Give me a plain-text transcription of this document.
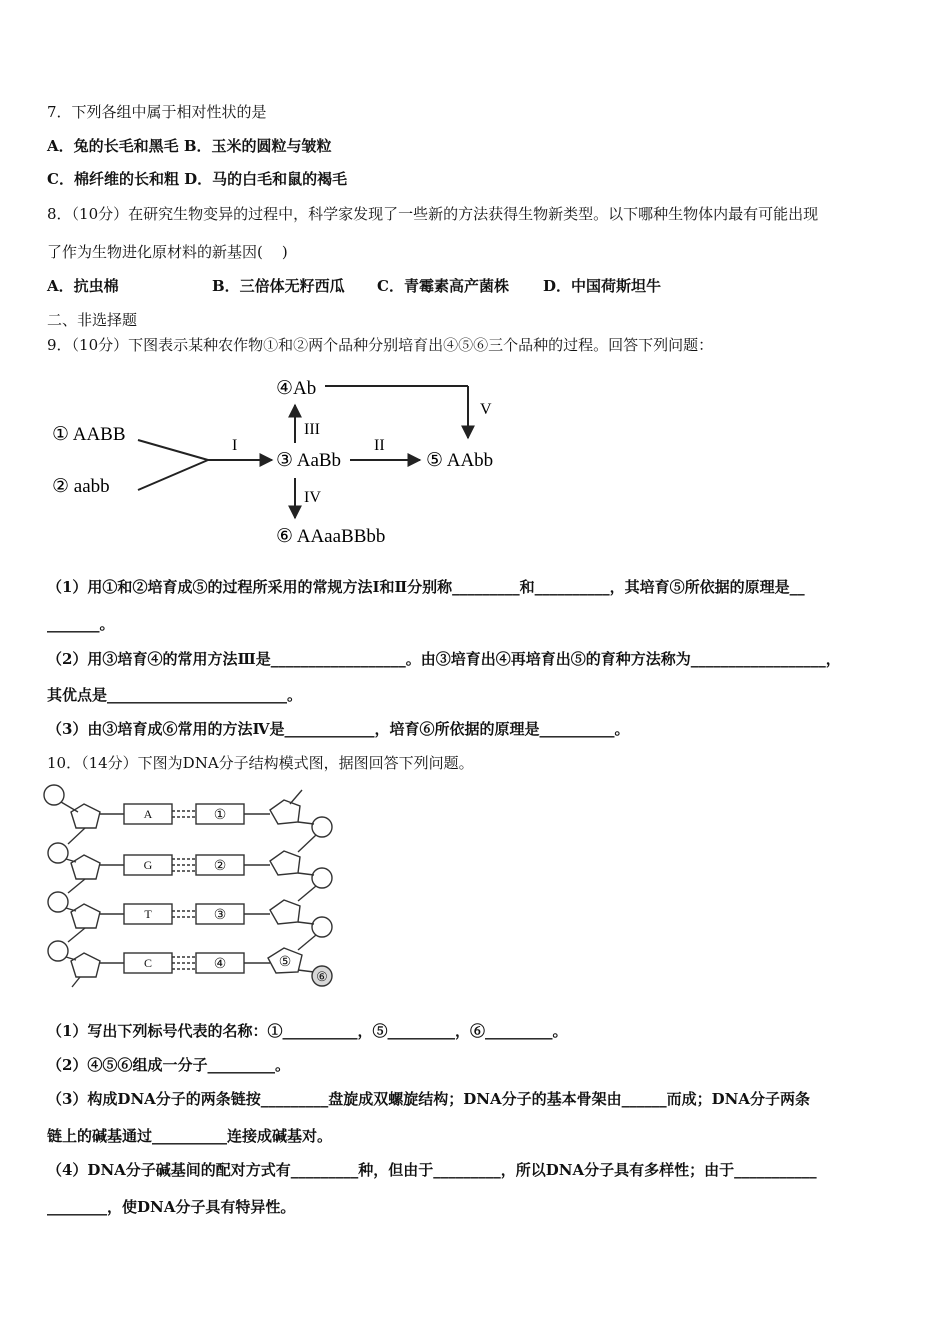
7．下列各组中属于相对性状的是
A．兔的长毛和黑毛 B．玉米的圆粒与皱粒
C．棉纤维的长和粗 D．马的白毛和鼠的褐毛
8．（10分）在研究生物变异的过程中，科学家发现了一些新的方法获得生物新类型。以下哪种生物体内最有可能出现
了作为生物进化原材料的新基因(    )
A．抗虫棉	B．三倍体无籽西瓜 C．青霉素高产菌株 D．中国荷斯坦牛
二、非选择题
9．（10分）下图表示某种农作物①和②两个品种分别培育出④⑤⑥三个品种的过程。回答下列问题：
① AABB
② aabb
I
③ AaBb
III
④Ab
V
II
⑤ AAbb
IV
⑥ AAaaBBbb
（1）用①和②培育成⑤的过程所采用的常规方法Ⅰ和Ⅱ分别称_________和__________，其培育⑤所依据的原理是__
_______。
（2）用③培育④的常用方法Ⅲ是__________________。由③培育出④再培育出⑤的育种方法称为__________________，
其优点是________________________。
（3）由③培育成⑥常用的方法Ⅳ是____________，培育⑥所依据的原理是__________。
10．（14分）下图为DNA分子结构模式图，据图回答下列问题。
A
G
T
C
①
②
③
④	⑤
⑥
（1）写出下列标号代表的名称：①__________，⑤_________，⑥_________。
（2）④⑤⑥组成一分子_________。
（3）构成DNA分子的两条链按_________盘旋成双螺旋结构；DNA分子的基本骨架由______而成；DNA分子两条
链上的碱基通过__________连接成碱基对。
（4）DNA分子碱基间的配对方式有_________种，但由于_________，所以DNA分子具有多样性；由于___________
________，使DNA分子具有特异性。
